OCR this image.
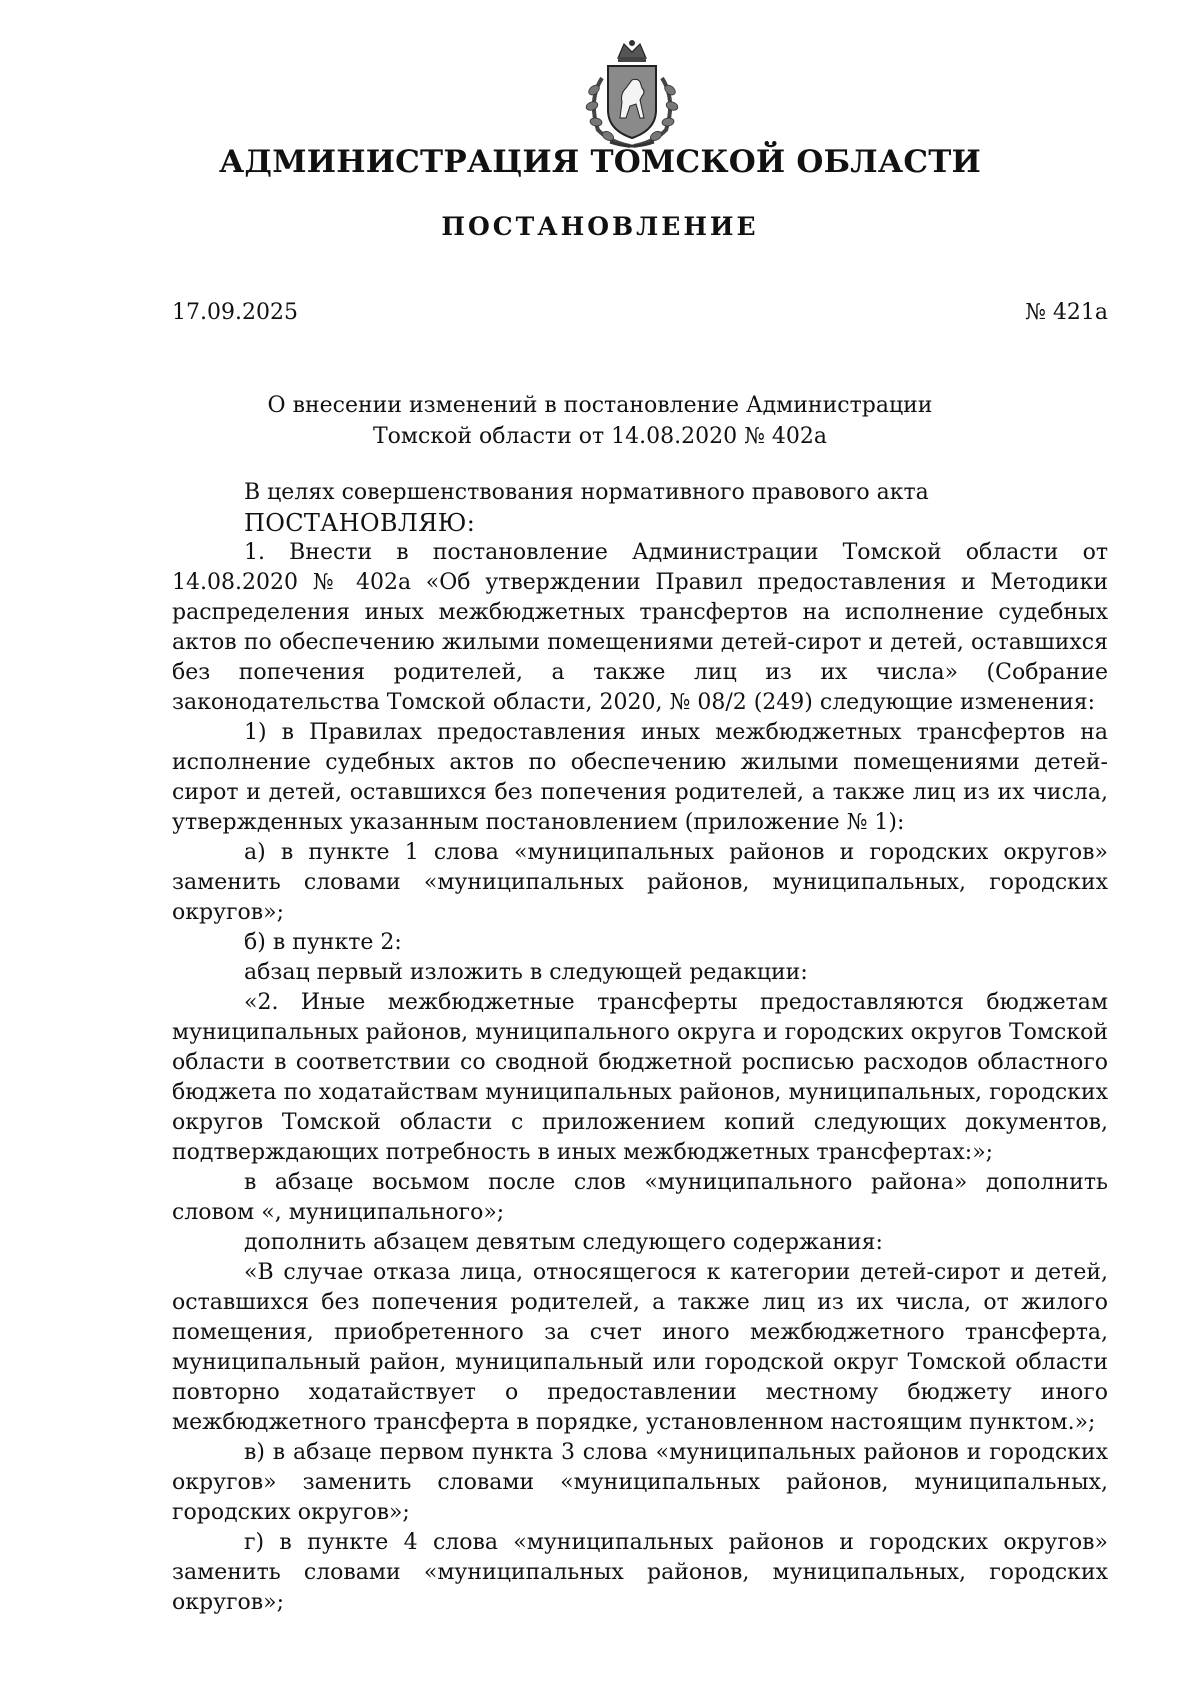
АДМИНИСТРАЦИЯ ТОМСКОЙ ОБЛАСТИ
ПОСТАНОВЛЕНИЕ
17.09.2025	№ 421а
О внесении изменений в постановление Администрации
Томской области от 14.08.2020 № 402а

В целях совершенствования нормативного правового акта

ПОСТАНОВЛЯЮ:

1. Внести в постановление Администрации Томской области от 14.08.2020 № 402а «Об утверждении Правил предоставления и Методики распределения иных межбюджетных трансфертов на исполнение судебных актов по обеспечению жилыми помещениями детей-сирот и детей, оставшихся без попечения родителей, а также лиц из их числа» (Собрание законодательства Томской области, 2020, № 08/2 (249) следующие изменения:

1) в Правилах предоставления иных межбюджетных трансфертов на исполнение судебных актов по обеспечению жилыми помещениями детей-сирот и детей, оставшихся без попечения родителей, а также лиц из их числа, утвержденных указанным постановлением (приложение № 1):

а) в пункте 1 слова «муниципальных районов и городских округов» заменить словами «муниципальных районов, муниципальных, городских округов»;

б) в пункте 2:

абзац первый изложить в следующей редакции:

«2. Иные межбюджетные трансферты предоставляются бюджетам муниципальных районов, муниципального округа и городских округов Томской области в соответствии со сводной бюджетной росписью расходов областного бюджета по ходатайствам муниципальных районов, муниципальных, городских округов Томской области с приложением копий следующих документов, подтверждающих потребность в иных межбюджетных трансфертах:»;

в абзаце восьмом после слов «муниципального района» дополнить словом «, муниципального»;

дополнить абзацем девятым следующего содержания:

«В случае отказа лица, относящегося к категории детей-сирот и детей, оставшихся без попечения родителей, а также лиц из их числа, от жилого помещения, приобретенного за счет иного межбюджетного трансферта, муниципальный район, муниципальный или городской округ Томской области повторно ходатайствует о предоставлении местному бюджету иного межбюджетного трансферта в порядке, установленном настоящим пунктом.»;

в) в абзаце первом пункта 3 слова «муниципальных районов и городских округов» заменить словами «муниципальных районов, муниципальных, городских округов»;

г) в пункте 4 слова «муниципальных районов и городских округов» заменить словами «муниципальных районов, муниципальных, городских округов»;
